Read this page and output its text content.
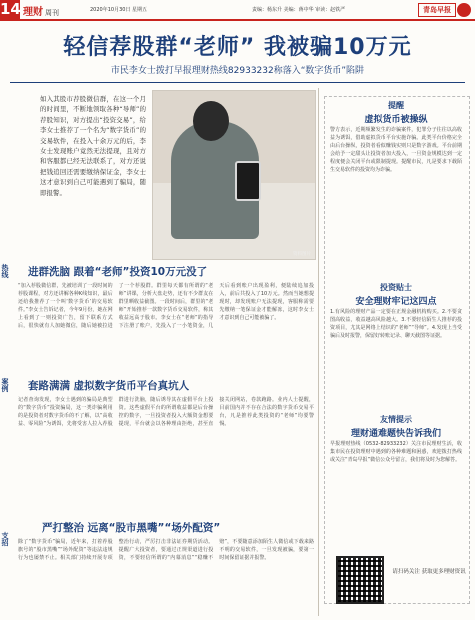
14 理财 周刊	2020年10月30日 星期五	责编：杨东升 美编：蒋中华 审读：赵铁严	青岛早报
轻信荐股群“老师” 我被骗10万元
市民李女士拨打早报理财热线82933232称落入“数字货币”陷阱
如入其股市荐股微信群，在这一个月的时间里，不断地领取各种“导师”的荐股知识，对方提出“投资交易”，给李女士推荐了一个名为“数字货币”的交易软件，在投入十余万元的后，李女士发现账户竟然无法提现，且对方和客服都已经无法联系了，对方还说把钱追回还需要缴纳保证金，李女士这才意识到自己可能遇到了骗局，随即报警。
资料图片
热线 进群洗脑 跟着“老师”投资10万元没了
“加入荐股微信群，先被培训了一段时间的荐股课程，对方还讲解各种K线知识，最后还给我推荐了一个叫‘数字货币’的交易软件。”李女士告诉记者，今年9月份，她在网上看到了一则投资广告，留下联系方式后，很快就有人加她微信，随后她被拉进了一个荐股群。群里每天都有所谓的“老师”讲课，分析大盘走势，还有不少群友在群里晒收益截图。一段时间后，群里的“老师”开始推荐一款数字货币交易软件，称其收益远高于股市。李女士在“老师”的指导下注册了账户，先投入了一小笔资金，几天后看到账户出现盈利，便陆续追加投入，前后共投入了10万元。然而当她想提现时，却发现账户无法提现，客服称需要先缴纳一笔保证金才能解冻，这时李女士才意识到自己可能被骗了。
案例 套路满满 虚拟数字货币平台真坑人
记者查询发现，李女士遇到的骗局是典型的“数字货币”投资骗局，这一类诈骗利用的是投资者对数字货币的不了解，以“高收益、零风险”为诱饵，先将受害人拉入荐股群进行洗脑，随后诱导其在虚假平台上投资。这些虚假平台的所谓收益都是后台操控的数字，一旦投资者投入大额资金想要提现，平台就会以各种理由拒绝，甚至直接关闭网站，卷款跑路。业内人士提醒，目前国内并不存在合法的数字货币交易平台，凡是推荐此类投资的“老师”均要警惕。
支招
严打整治 远离“股市黑嘴”“场外配资”
除了“数字货币”骗局，近年来，打着荐股旗号的“股市黑嘴”“场外配资”等违法违规行为也屡禁不止。相关部门持续开展专项整治行动，严厉打击非法证券期货活动。提醒广大投资者，要通过正规渠道进行投资，不要轻信所谓的“内幕消息”“稳赚不赔”，不要随意添加陌生人微信或下载来路不明的交易软件，一旦发现被骗，要第一时间保留证据并报警。
提醒
虚拟货币被操纵
警方表示，近期频繁发生的诈骗案件，犯罪分子往往以高收益为诱饵，借助虚拟货币平台实施诈骗。此类平台价格完全由后台操纵，投资者看似赚钱实则只是数字游戏。平台前期会给予一定甜头让投资者加大投入，一旦资金规模达到一定程度便会关闭平台或限制提现。提醒市民，凡是要求下载陌生交易软件的投资均为诈骗。
投资贴士
安全理财牢记这四点
1.有风险的理财产品一定要在正规金融机构购买。2.不要贪图高收益，收益越高风险越大。3.不要轻信陌生人推荐的投资项目，尤其是网络上结识的“老师”“导师”。4.发现上当受骗后及时报警，保留好转账记录、聊天截图等证据。
友情提示
理财通难题快告诉我们
早报理财热线（0532-82933232）关注市民理财生活，收集市民在投资理财中遇到的各种难题和困惑，欢迎拨打热线或关注“青岛早报”微信公众号留言，我们将及时为您解答。
请扫码关注 获取更多理财资讯
